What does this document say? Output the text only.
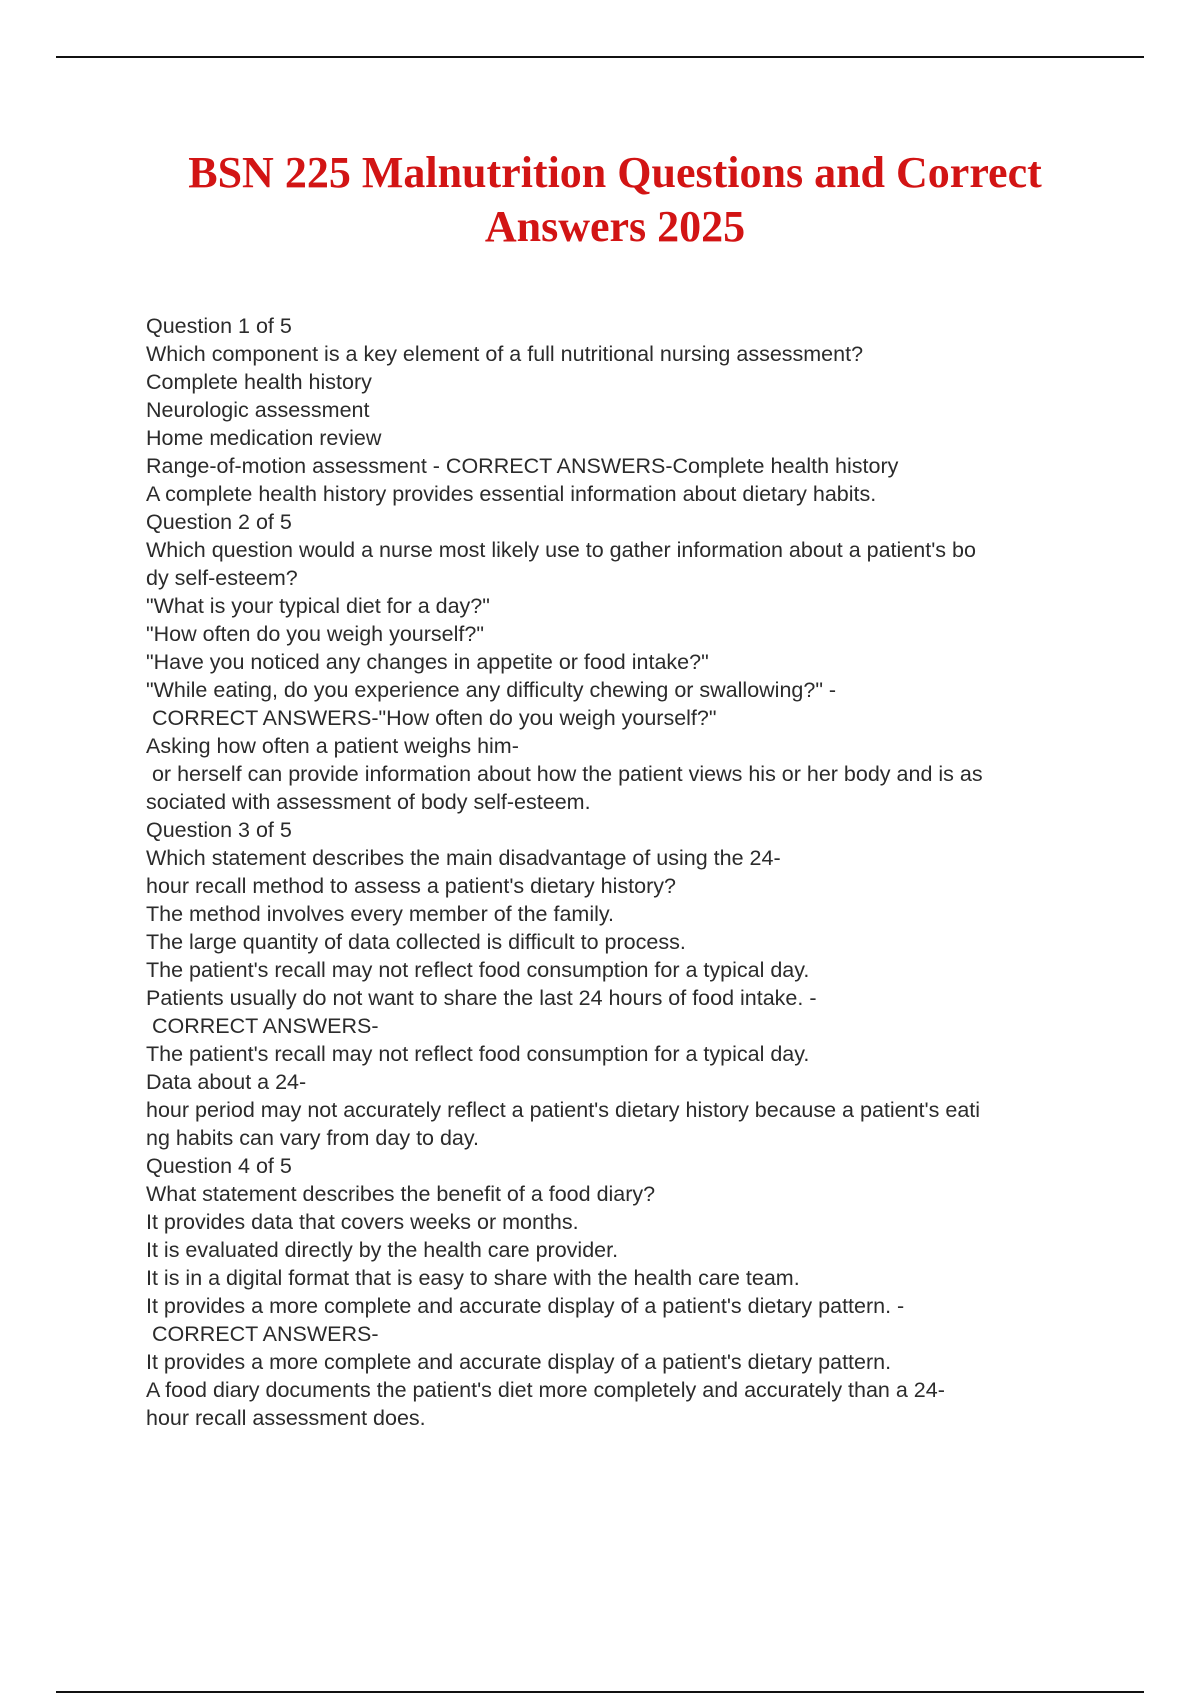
BSN 225 Malnutrition Questions and Correct Answers 2025
Question 1 of 5
Which component is a key element of a full nutritional nursing assessment?
Complete health history
Neurologic assessment
Home medication review
Range-of-motion assessment - CORRECT ANSWERS-Complete health history
A complete health history provides essential information about dietary habits.
Question 2 of 5
Which question would a nurse most likely use to gather information about a patient's bo
dy self-esteem?
"What is your typical diet for a day?"
"How often do you weigh yourself?"
"Have you noticed any changes in appetite or food intake?"
"While eating, do you experience any difficulty chewing or swallowing?" -
CORRECT ANSWERS-"How often do you weigh yourself?"
Asking how often a patient weighs him-
or herself can provide information about how the patient views his or her body and is as
sociated with assessment of body self-esteem.
Question 3 of 5
Which statement describes the main disadvantage of using the 24-
hour recall method to assess a patient's dietary history?
The method involves every member of the family.
The large quantity of data collected is difficult to process.
The patient's recall may not reflect food consumption for a typical day.
Patients usually do not want to share the last 24 hours of food intake. -
CORRECT ANSWERS-
The patient's recall may not reflect food consumption for a typical day.
Data about a 24-
hour period may not accurately reflect a patient's dietary history because a patient's eati
ng habits can vary from day to day.
Question 4 of 5
What statement describes the benefit of a food diary?
It provides data that covers weeks or months.
It is evaluated directly by the health care provider.
It is in a digital format that is easy to share with the health care team.
It provides a more complete and accurate display of a patient's dietary pattern. -
CORRECT ANSWERS-
It provides a more complete and accurate display of a patient's dietary pattern.
A food diary documents the patient's diet more completely and accurately than a 24-
hour recall assessment does.
